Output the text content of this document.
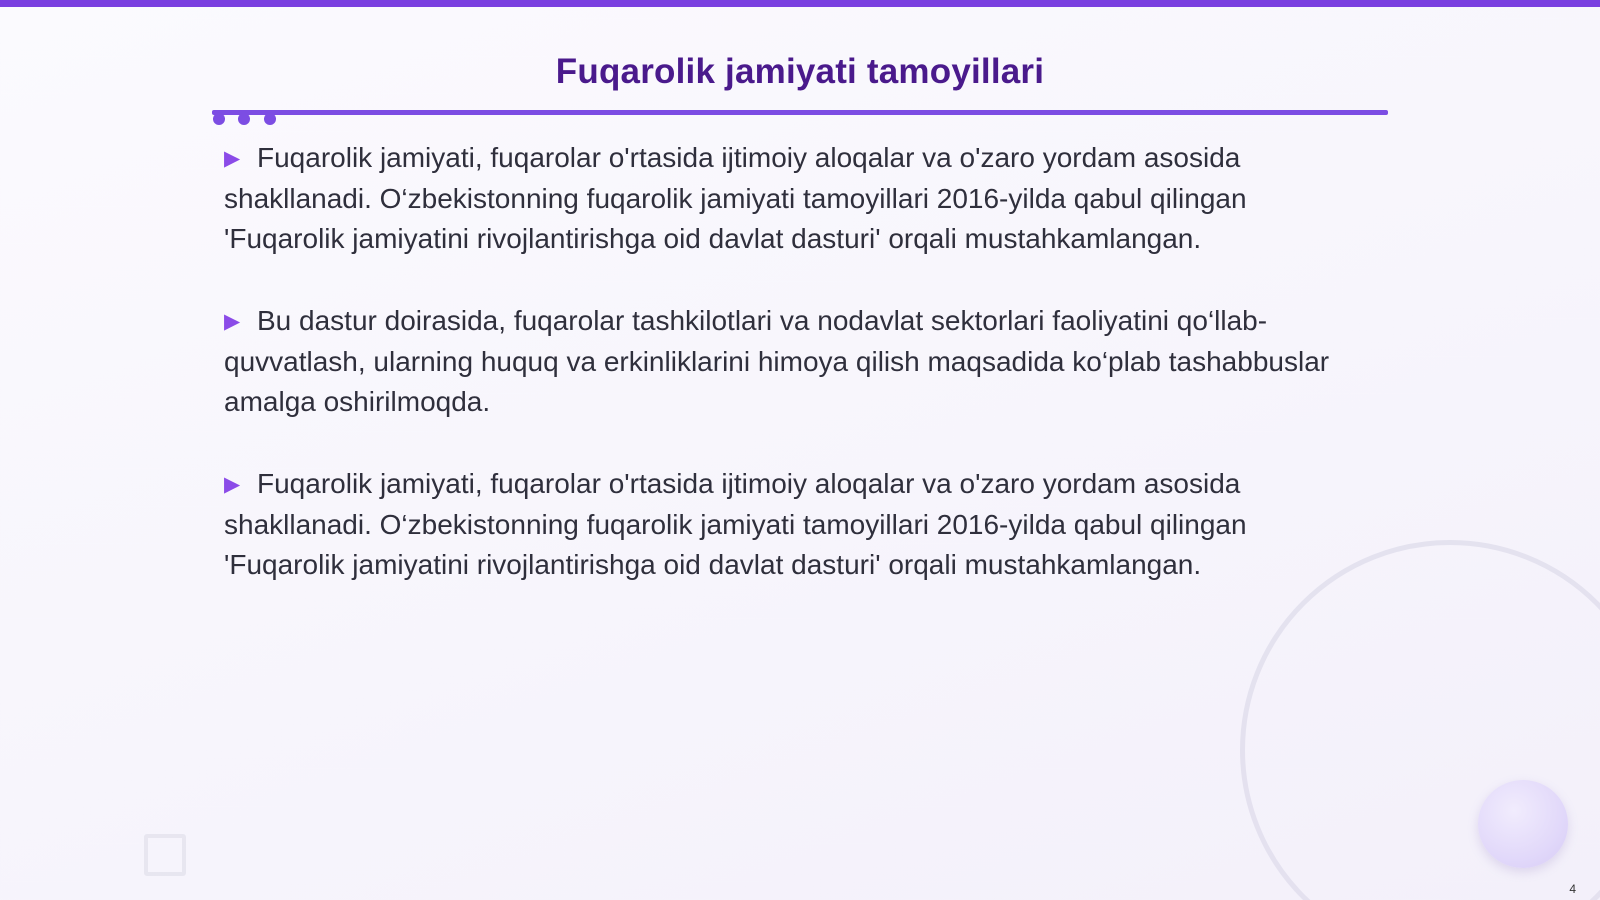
Fuqarolik jamiyati tamoyillari

▶ Fuqarolik jamiyati, fuqarolar o'rtasida ijtimoiy aloqalar va o'zaro yordam asosida shakllanadi. O‘zbekistonning fuqarolik jamiyati tamoyillari 2016-yilda qabul qilingan 'Fuqarolik jamiyatini rivojlantirishga oid davlat dasturi' orqali mustahkamlangan.

▶ Bu dastur doirasida, fuqarolar tashkilotlari va nodavlat sektorlari faoliyatini qo‘llab-quvvatlash, ularning huquq va erkinliklarini himoya qilish maqsadida ko‘plab tashabbuslar amalga oshirilmoqda.

▶ Fuqarolik jamiyati, fuqarolar o'rtasida ijtimoiy aloqalar va o'zaro yordam asosida shakllanadi. O‘zbekistonning fuqarolik jamiyati tamoyillari 2016-yilda qabul qilingan 'Fuqarolik jamiyatini rivojlantirishga oid davlat dasturi' orqali mustahkamlangan.

4
